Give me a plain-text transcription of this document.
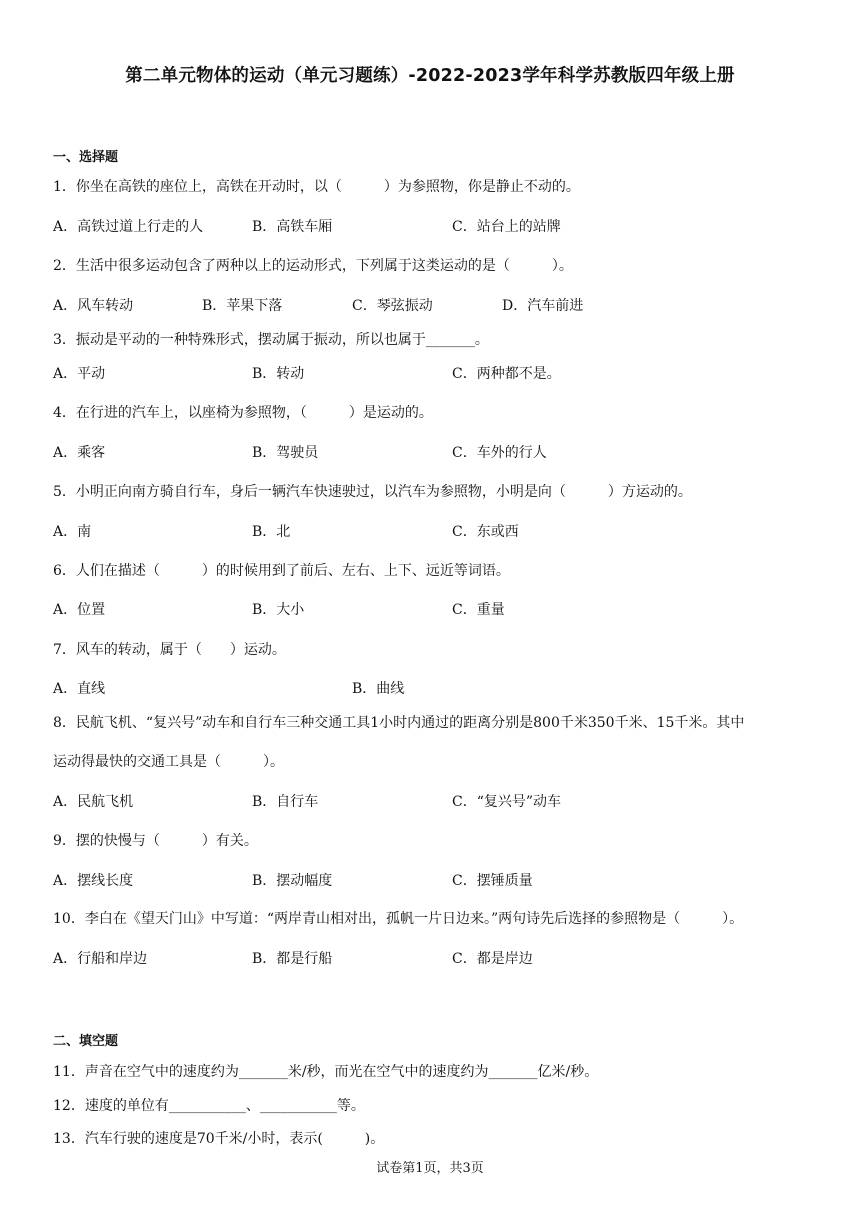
第二单元物体的运动（单元习题练）-2022-2023学年科学苏教版四年级上册
一、选择题
1．你坐在高铁的座位上，高铁在开动时，以（　　　）为参照物，你是静止不动的。
A．高铁过道上行走的人	B．高铁车厢	C．站台上的站牌
2．生活中很多运动包含了两种以上的运动形式，下列属于这类运动的是（　　　）。
A．风车转动	B．苹果下落	C．琴弦振动	D．汽车前进
3．振动是平动的一种特殊形式，摆动属于振动，所以也属于_______。
A．平动	B．转动	C．两种都不是。
4．在行进的汽车上，以座椅为参照物，（　　　）是运动的。
A．乘客	B．驾驶员	C．车外的行人
5．小明正向南方骑自行车，身后一辆汽车快速驶过，以汽车为参照物，小明是向（　　　）方运动的。
A．南	B．北	C．东或西
6．人们在描述（　　　）的时候用到了前后、左右、上下、远近等词语。
A．位置	B．大小	C．重量
7．风车的转动，属于（　　）运动。
A．直线	B．曲线
8．民航飞机、“复兴号”动车和自行车三种交通工具1小时内通过的距离分别是800千米350千米、15千米。其中
运动得最快的交通工具是（　　　）。
A．民航飞机	B．自行车	C．“复兴号”动车
9．摆的快慢与（　　　）有关。
A．摆线长度	B．摆动幅度	C．摆锤质量
10．李白在《望天门山》中写道：“两岸青山相对出，孤帆一片日边来。”两句诗先后选择的参照物是（　　　）。
A．行船和岸边	B．都是行船	C．都是岸边
二、填空题
11．声音在空气中的速度约为_______米/秒，而光在空气中的速度约为_______亿米/秒。
12．速度的单位有___________、___________等。
13．汽车行驶的速度是70千米/小时，表示(　　　)。
试卷第1页，共3页
